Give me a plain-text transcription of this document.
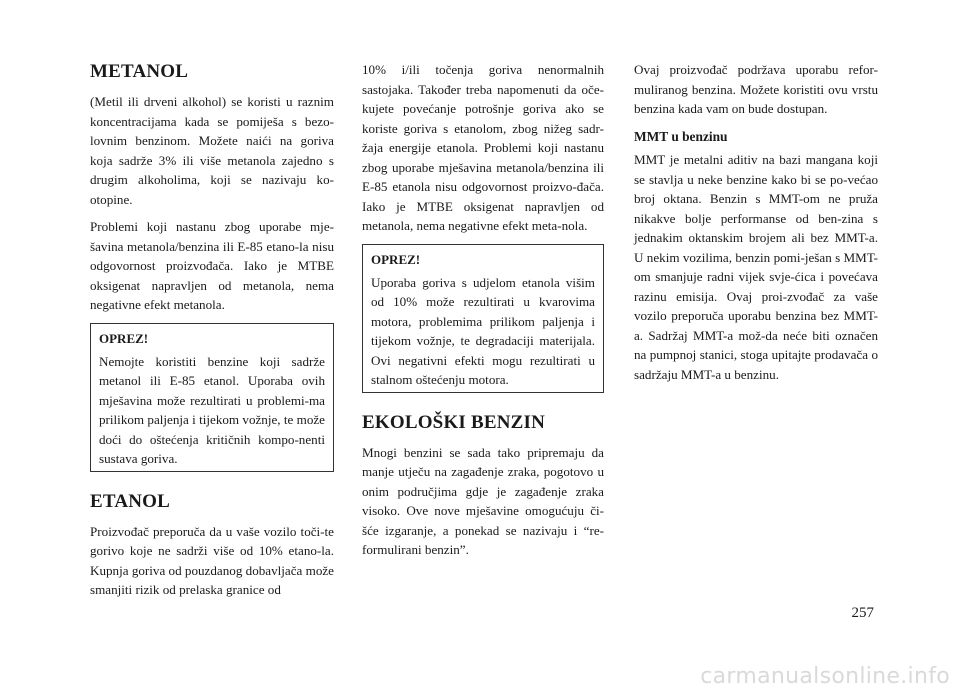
METANOL

(Metil ili drveni alkohol) se koristi u raznim koncentracijama kada se pomiješa s bezo-lovnim benzinom. Možete naići na goriva koja sadrže 3% ili više metanola zajedno s drugim alkoholima, koji se nazivaju ko-otopine.

Problemi koji nastanu zbog uporabe mje-šavina metanola/benzina ili E-85 etano-la nisu odgovornost proizvođača. Iako je MTBE oksigenat napravljen od metanola, nema negativne efekt metanola.

OPREZ!

Nemojte koristiti benzine koji sadrže metanol ili E-85 etanol. Uporaba ovih mješavina može rezultirati u problemi-ma prilikom paljenja i tijekom vožnje, te može doći do oštećenja kritičnih kompo-nenti sustava goriva.

ETANOL

Proizvođač preporuča da u vaše vozilo toči-te gorivo koje ne sadrži više od 10% etano-la. Kupnja goriva od pouzdanog dobavljača može smanjiti rizik od prelaska granice od

10% i/ili točenja goriva nenormalnih sastojaka. Također treba napomenuti da oče-kujete povećanje potrošnje goriva ako se koriste goriva s etanolom, zbog nižeg sadr-žaja energije etanola. Problemi koji nastanu zbog uporabe mješavina metanola/benzina ili E-85 etanola nisu odgovornost proizvo-đača. Iako je MTBE oksigenat napravljen od metanola, nema negativne efekt meta-nola.

OPREZ!

Uporaba goriva s udjelom etanola višim od 10% može rezultirati u kvarovima motora, problemima prilikom paljenja i tijekom vožnje, te degradaciji materijala. Ovi negativni efekti mogu rezultirati u stalnom oštećenju motora.

EKOLOŠKI BENZIN

Mnogi benzini se sada tako pripremaju da manje utječu na zagađenje zraka, pogotovo u onim područjima gdje je zagađenje zraka visoko. Ove nove mješavine omogućuju či-šće izgaranje, a ponekad se nazivaju i “re-formulirani benzin”.

Ovaj proizvođač podržava uporabu refor-muliranog benzina. Možete koristiti ovu vrstu benzina kada vam on bude dostupan.

MMT u benzinu

MMT je metalni aditiv na bazi mangana koji se stavlja u neke benzine kako bi se po-većao broj oktana. Benzin s MMT-om ne pruža nikakve bolje performanse od ben-zina s jednakim oktanskim brojem ali bez MMT-a. U nekim vozilima, benzin pomi-ješan s MMT-om smanjuje radni vijek svje-ćica i povećava razinu emisija. Ovaj proi-zvođač za vaše vozilo preporuča uporabu benzina bez MMT-a. Sadržaj MMT-a mož-da neće biti označen na pumpnoj stanici, stoga upitajte prodavača o sadržaju MMT-a u benzinu.

257
carmanualsonline.info
